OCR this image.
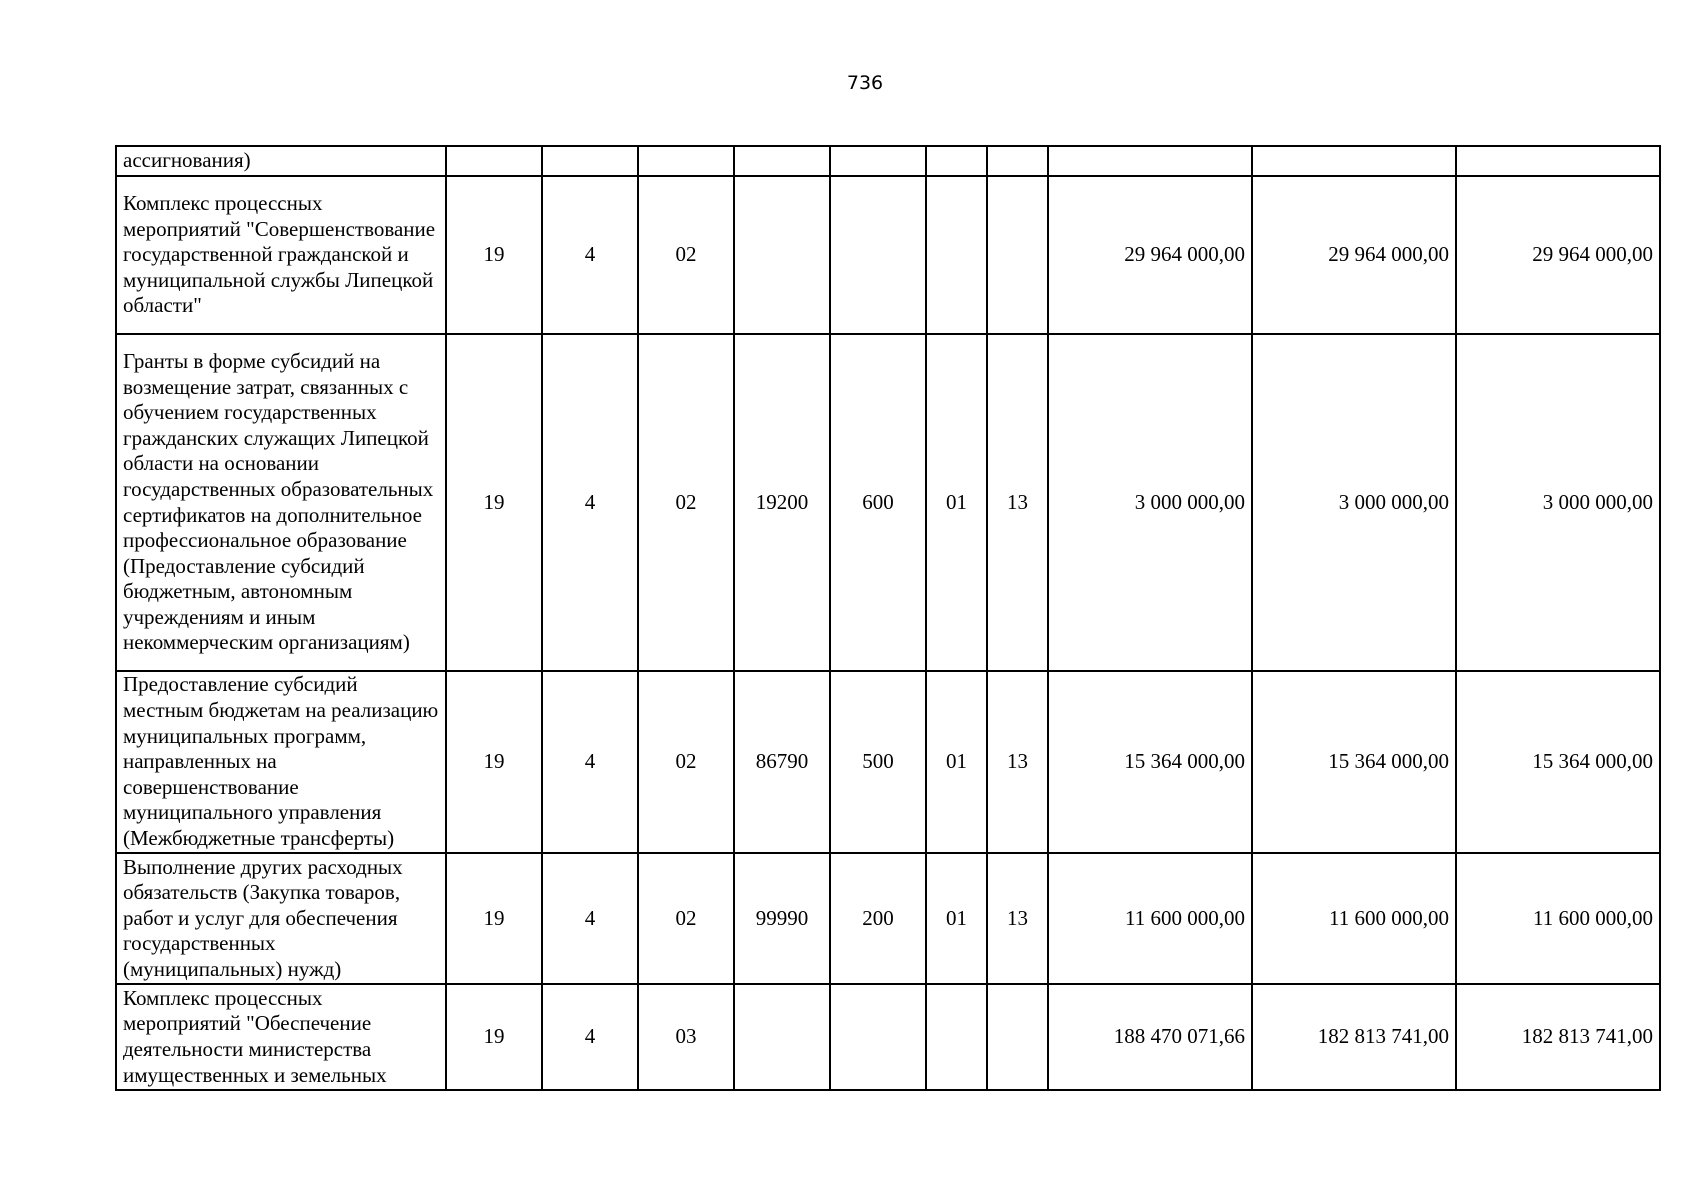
736
ассигнования)										
Комплекс процессных мероприятий "Совершенствование государственной гражданской и муниципальной службы Липецкой области"	19	4	02					29 964 000,00	29 964 000,00	29 964 000,00
Гранты в форме субсидий на возмещение затрат, связанных с обучением государственных гражданских служащих Липецкой области на основании государственных образовательных сертификатов на дополнительное профессиональное образование (Предоставление субсидий бюджетным, автономным учреждениям и иным некоммерческим организациям)	19	4	02	19200	600	01	13	3 000 000,00	3 000 000,00	3 000 000,00
Предоставление субсидий местным бюджетам на реализацию муниципальных программ, направленных на совершенствование муниципального управления (Межбюджетные трансферты)	19	4	02	86790	500	01	13	15 364 000,00	15 364 000,00	15 364 000,00
Выполнение других расходных обязательств (Закупка товаров, работ и услуг для обеспечения государственных (муниципальных) нужд)	19	4	02	99990	200	01	13	11 600 000,00	11 600 000,00	11 600 000,00
Комплекс процессных мероприятий "Обеспечение деятельности министерства имущественных и земельных	19	4	03					188 470 071,66	182 813 741,00	182 813 741,00
